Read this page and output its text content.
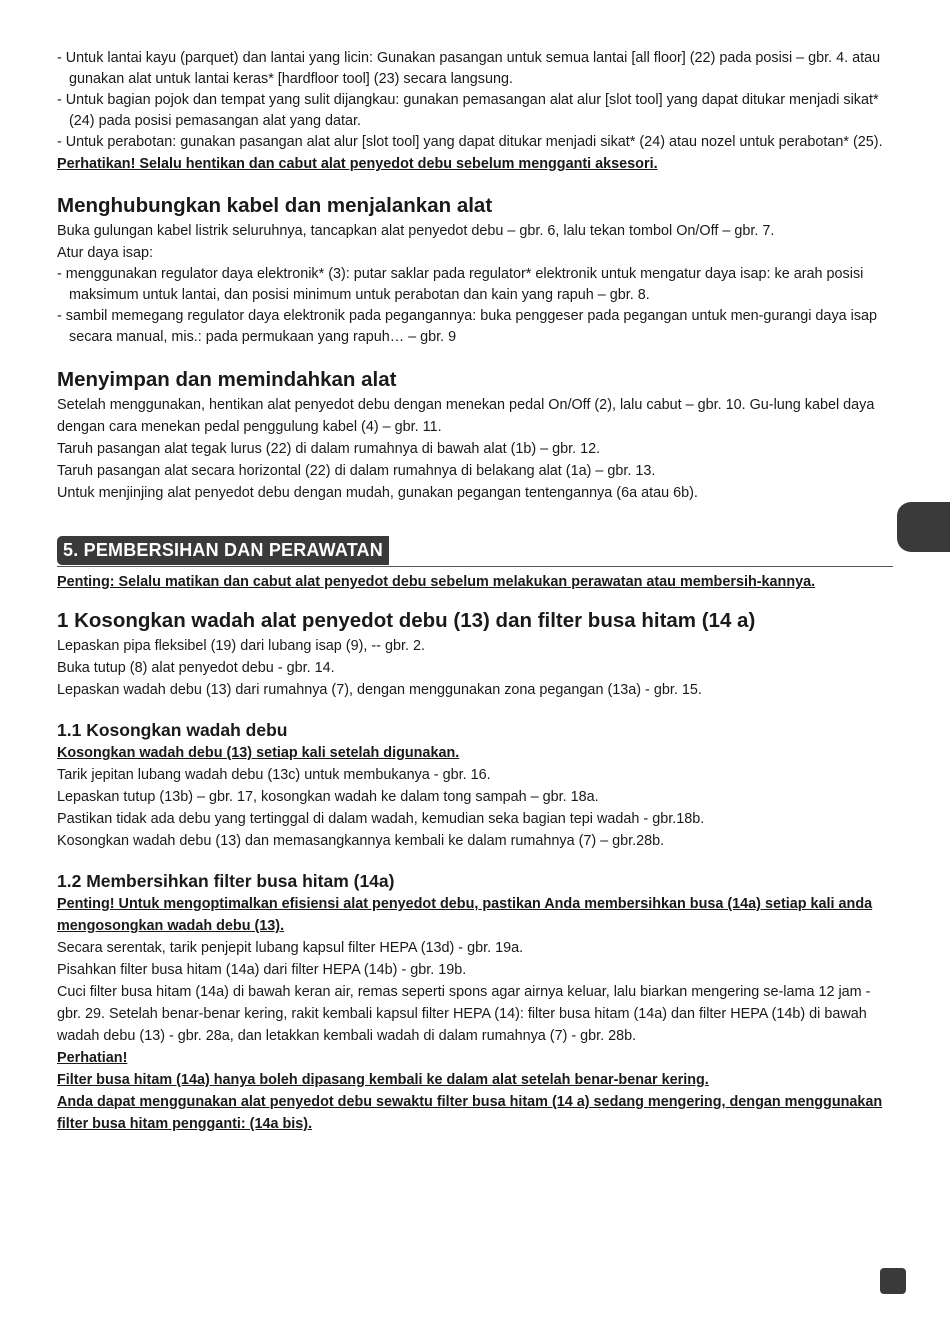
- Untuk lantai kayu (parquet) dan lantai yang licin: Gunakan pasangan untuk semua lantai [all floor] (22) pada posisi – gbr. 4. atau gunakan alat untuk lantai keras* [hardfloor tool] (23) secara langsung.

- Untuk bagian pojok dan tempat yang sulit dijangkau: gunakan pemasangan alat alur [slot tool] yang dapat ditukar menjadi sikat* (24) pada posisi pemasangan alat yang datar.

- Untuk perabotan: gunakan pasangan alat alur [slot tool] yang dapat ditukar menjadi sikat* (24) atau nozel untuk perabotan* (25).

Perhatikan! Selalu hentikan dan cabut alat penyedot debu sebelum mengganti aksesori.

Menghubungkan kabel dan menjalankan alat

Buka gulungan kabel listrik seluruhnya, tancapkan alat penyedot debu – gbr. 6, lalu tekan tombol On/Off – gbr. 7.

Atur daya isap:

- menggunakan regulator daya elektronik* (3): putar saklar pada regulator* elektronik untuk mengatur daya isap: ke arah posisi maksimum untuk lantai, dan posisi minimum untuk perabotan dan kain yang rapuh – gbr. 8.

- sambil memegang regulator daya elektronik pada pegangannya: buka penggeser pada pegangan untuk men-gurangi daya isap secara manual, mis.: pada permukaan yang rapuh… – gbr. 9

Menyimpan dan memindahkan alat

Setelah menggunakan, hentikan alat penyedot debu dengan menekan pedal On/Off (2), lalu cabut – gbr. 10. Gu-lung kabel daya dengan cara menekan pedal penggulung kabel (4) – gbr. 11.

Taruh pasangan alat tegak lurus (22) di dalam rumahnya di bawah alat (1b) – gbr. 12.

Taruh pasangan alat secara horizontal (22) di dalam rumahnya di belakang alat (1a) – gbr. 13.

Untuk menjinjing alat penyedot debu dengan mudah, gunakan pegangan tentengannya (6a atau 6b).

5. PEMBERSIHAN DAN PERAWATAN

Penting: Selalu matikan dan cabut alat penyedot debu sebelum melakukan perawatan atau membersih-kannya.

1 Kosongkan wadah alat penyedot debu (13) dan filter busa hitam (14 a)

Lepaskan pipa fleksibel (19) dari lubang isap (9), -- gbr. 2.

Buka tutup (8) alat penyedot debu - gbr. 14.

Lepaskan wadah debu (13) dari rumahnya (7), dengan menggunakan zona pegangan (13a) - gbr. 15.

1.1 Kosongkan wadah debu

Kosongkan wadah debu (13) setiap kali setelah digunakan.

Tarik jepitan lubang wadah debu (13c) untuk membukanya - gbr. 16.

Lepaskan tutup (13b) – gbr. 17, kosongkan wadah ke dalam tong sampah – gbr. 18a.

Pastikan tidak ada debu yang tertinggal di dalam wadah, kemudian seka bagian tepi wadah - gbr.18b.

Kosongkan wadah debu (13) dan memasangkannya kembali ke dalam rumahnya (7) – gbr.28b.

1.2 Membersihkan filter busa hitam (14a)

Penting! Untuk mengoptimalkan efisiensi alat penyedot debu, pastikan Anda membersihkan busa (14a) setiap kali anda mengosongkan wadah debu (13).

Secara serentak, tarik penjepit lubang kapsul filter HEPA (13d) - gbr. 19a.

Pisahkan filter busa hitam (14a) dari filter HEPA (14b) - gbr. 19b.

Cuci filter busa hitam (14a) di bawah keran air, remas seperti spons agar airnya keluar, lalu biarkan mengering se-lama 12 jam - gbr. 29. Setelah benar-benar kering, rakit kembali kapsul filter HEPA (14): filter busa hitam (14a) dan filter HEPA (14b) di bawah wadah debu (13) - gbr. 28a, dan letakkan kembali wadah di dalam rumahnya (7) - gbr. 28b.

Perhatian!

Filter busa hitam (14a) hanya boleh dipasang kembali ke dalam alat setelah benar-benar kering.

Anda dapat menggunakan alat penyedot debu sewaktu filter busa hitam (14 a) sedang mengering, dengan menggunakan filter busa hitam pengganti: (14a bis).
